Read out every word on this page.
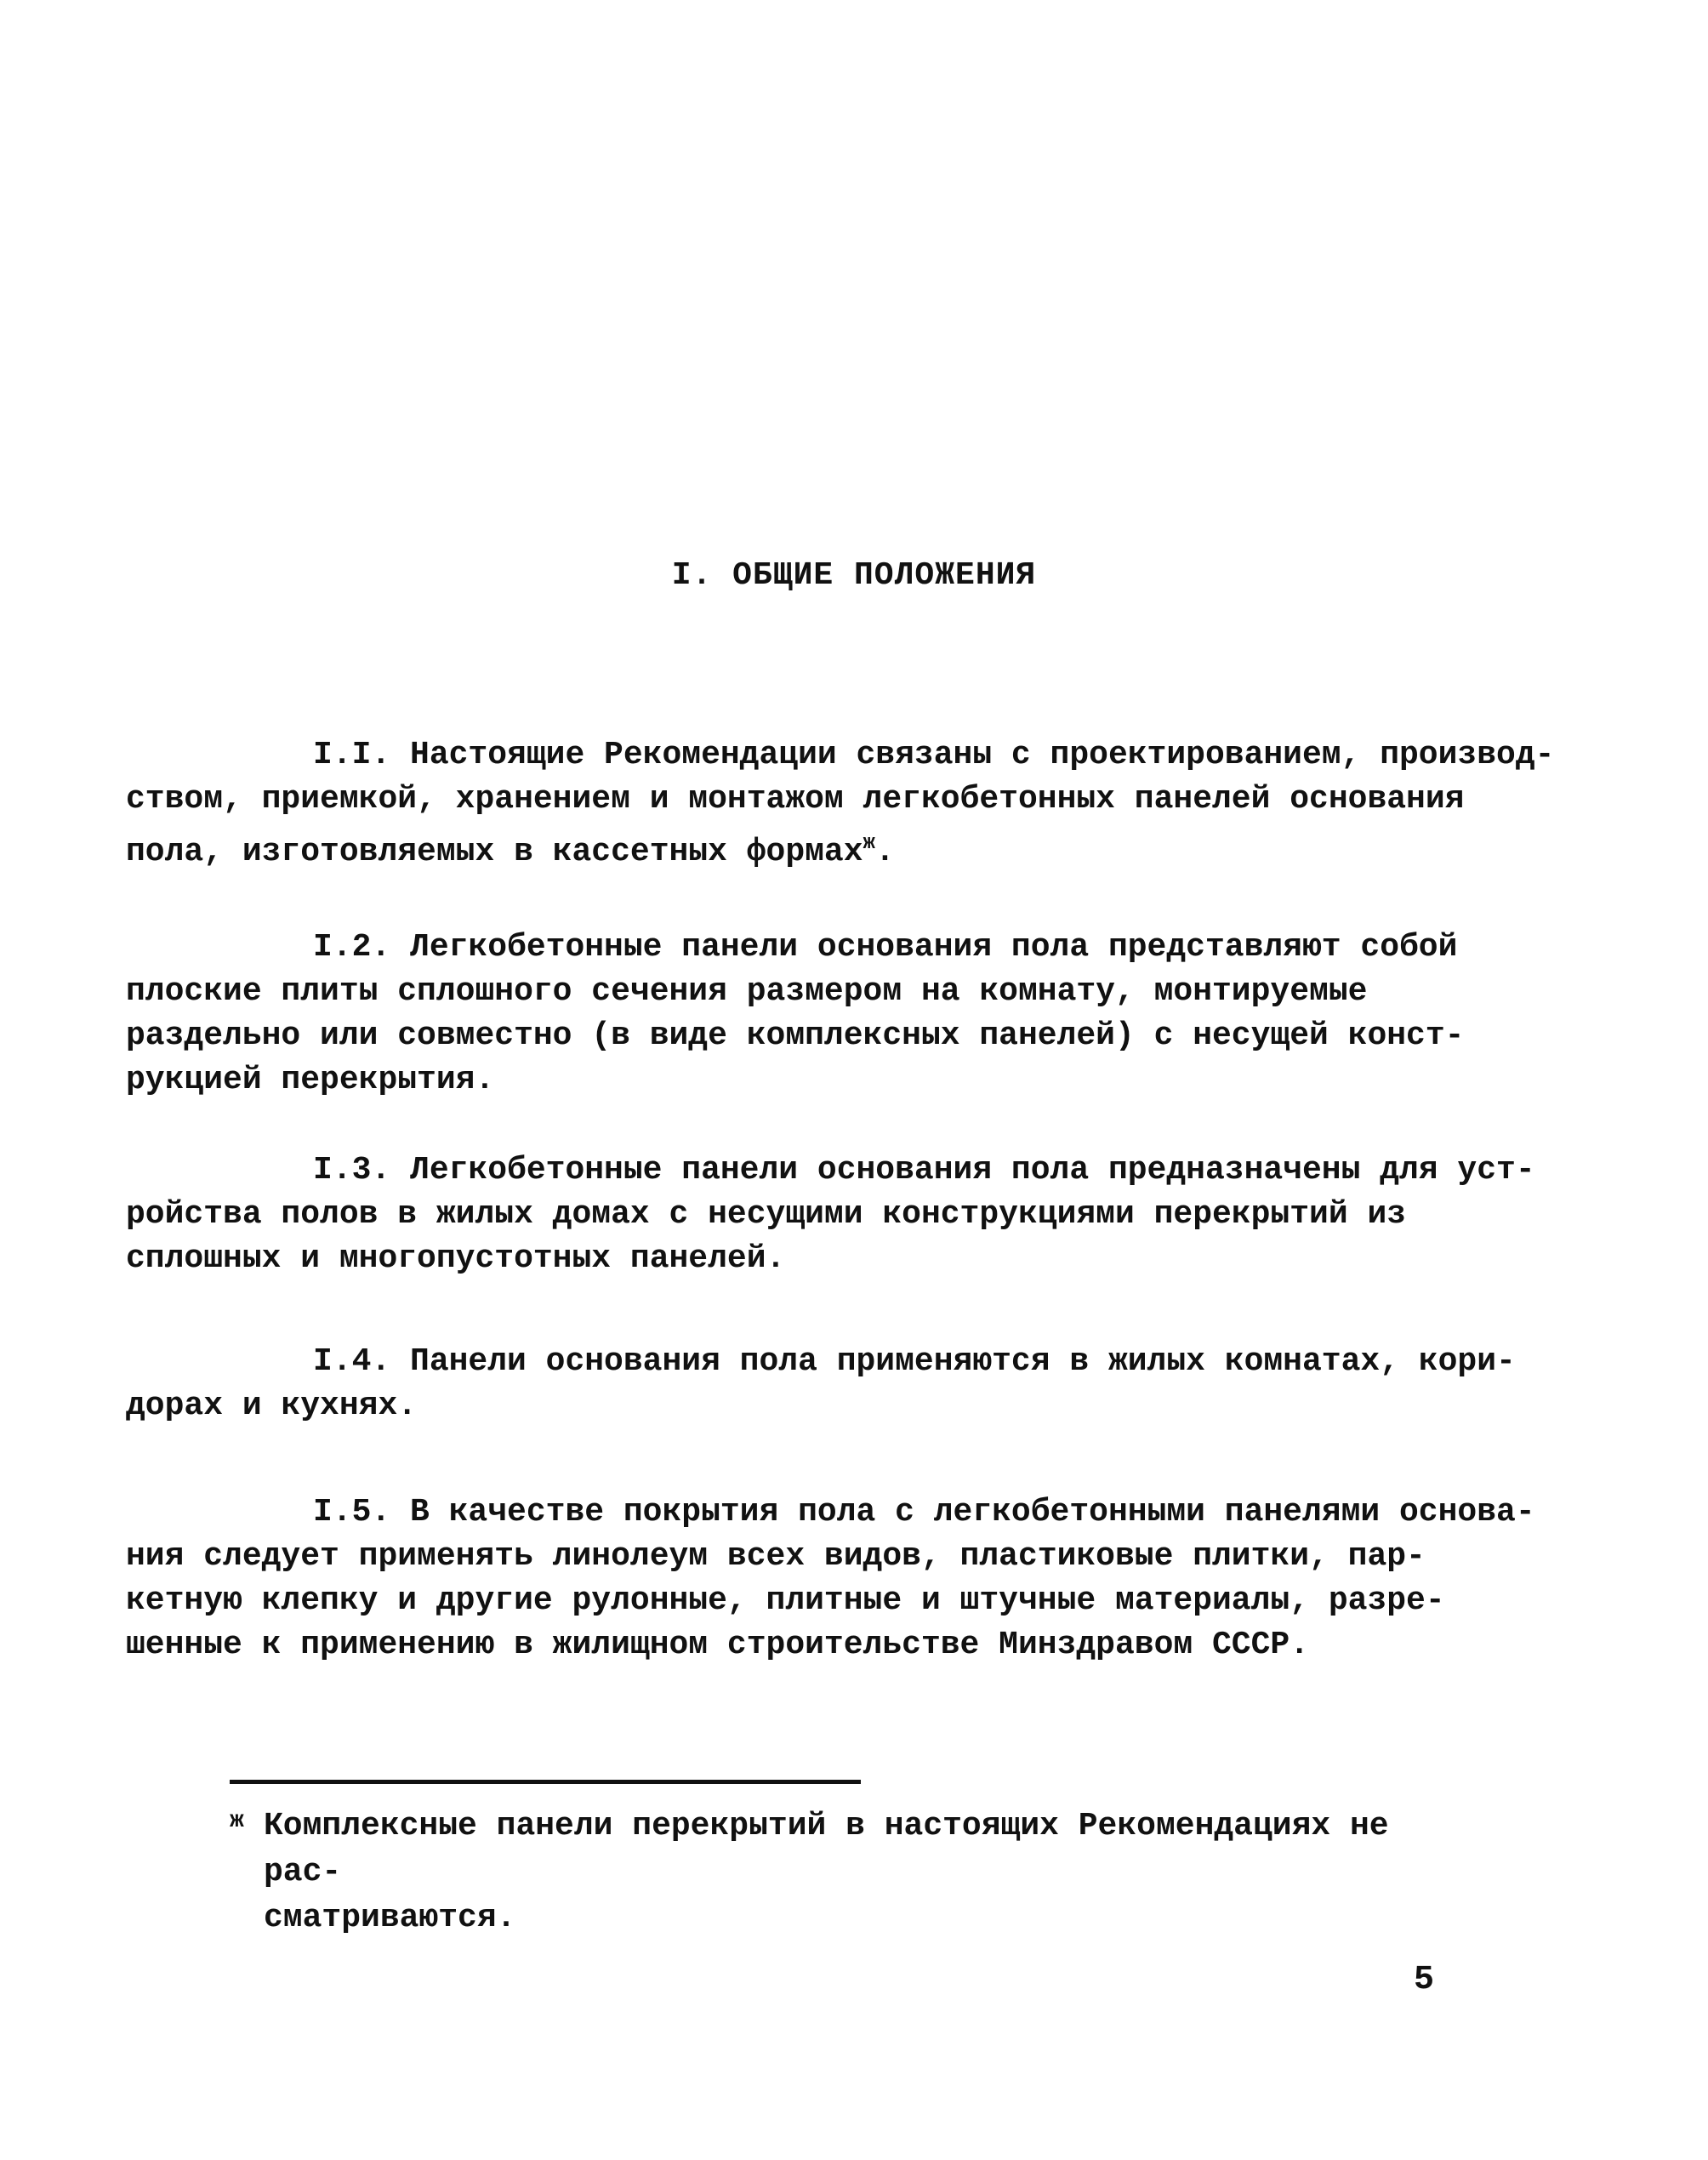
I. ОБЩИЕ ПОЛОЖЕНИЯ
I.I. Настоящие Рекомендации связаны с проектированием, производ-
ством, приемкой, хранением и монтажом легкобетонных панелей основания
пола, изготовляемых в кассетных формах$^ж$.
I.2. Легкобетонные панели основания пола представляют собой
плоские плиты сплошного сечения размером на комнату, монтируемые
раздельно или совместно (в виде комплексных панелей) с несущей конст-
рукцией перекрытия.
I.3. Легкобетонные панели основания пола предназначены для уст-
ройства полов в жилых домах с несущими конструкциями перекрытий из
сплошных и многопустотных панелей.
I.4. Панели основания пола применяются в жилых комнатах, кори-
дорах и кухнях.
I.5. В качестве покрытия пола с легкобетонными панелями основа-
ния следует применять линолеум всех видов, пластиковые плитки, пар-
кетную клепку и другие рулонные, плитные и штучные материалы, разре-
шенные к применению в жилищном строительстве Минздравом СССР.
ж Комплексные панели перекрытий в настоящих Рекомендациях не рас-
сматриваются.
5
